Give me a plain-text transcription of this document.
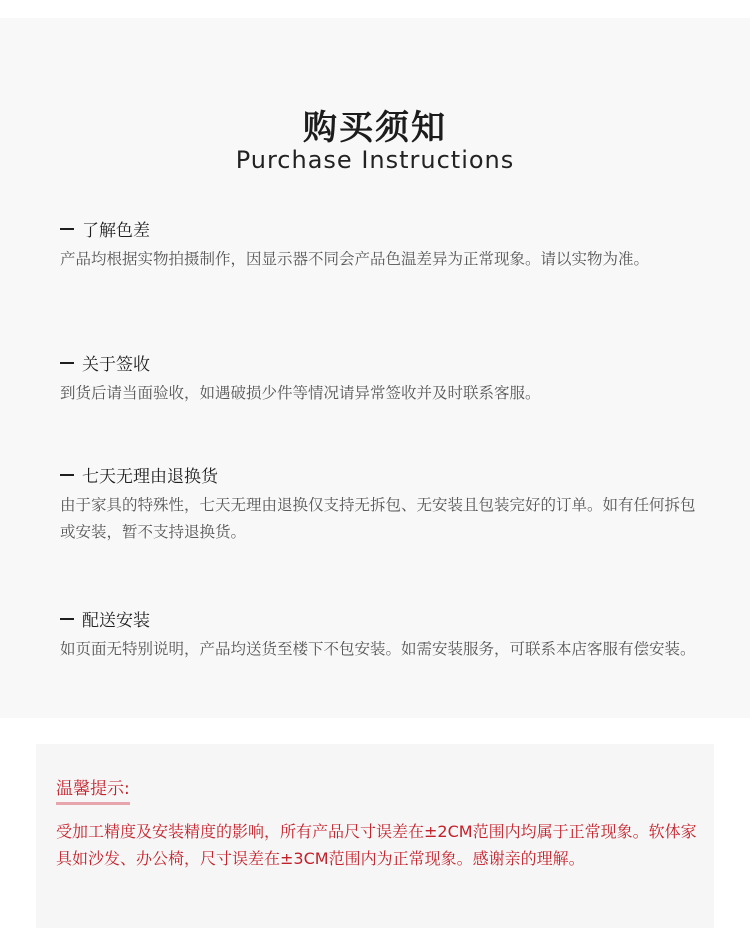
购买须知
Purchase Instructions
了解色差
产品均根据实物拍摄制作，因显示器不同会产品色温差异为正常现象。请以实物为准。
关于签收
到货后请当面验收，如遇破损少件等情况请异常签收并及时联系客服。
七天无理由退换货
由于家具的特殊性，七天无理由退换仅支持无拆包、无安装且包装完好的订单。如有任何拆包或安装，暂不支持退换货。
配送安装
如页面无特别说明，产品均送货至楼下不包安装。如需安装服务，可联系本店客服有偿安装。
温馨提示:
受加工精度及安装精度的影响，所有产品尺寸误差在±2CM范围内均属于正常现象。软体家具如沙发、办公椅，尺寸误差在±3CM范围内为正常现象。感谢亲的理解。
